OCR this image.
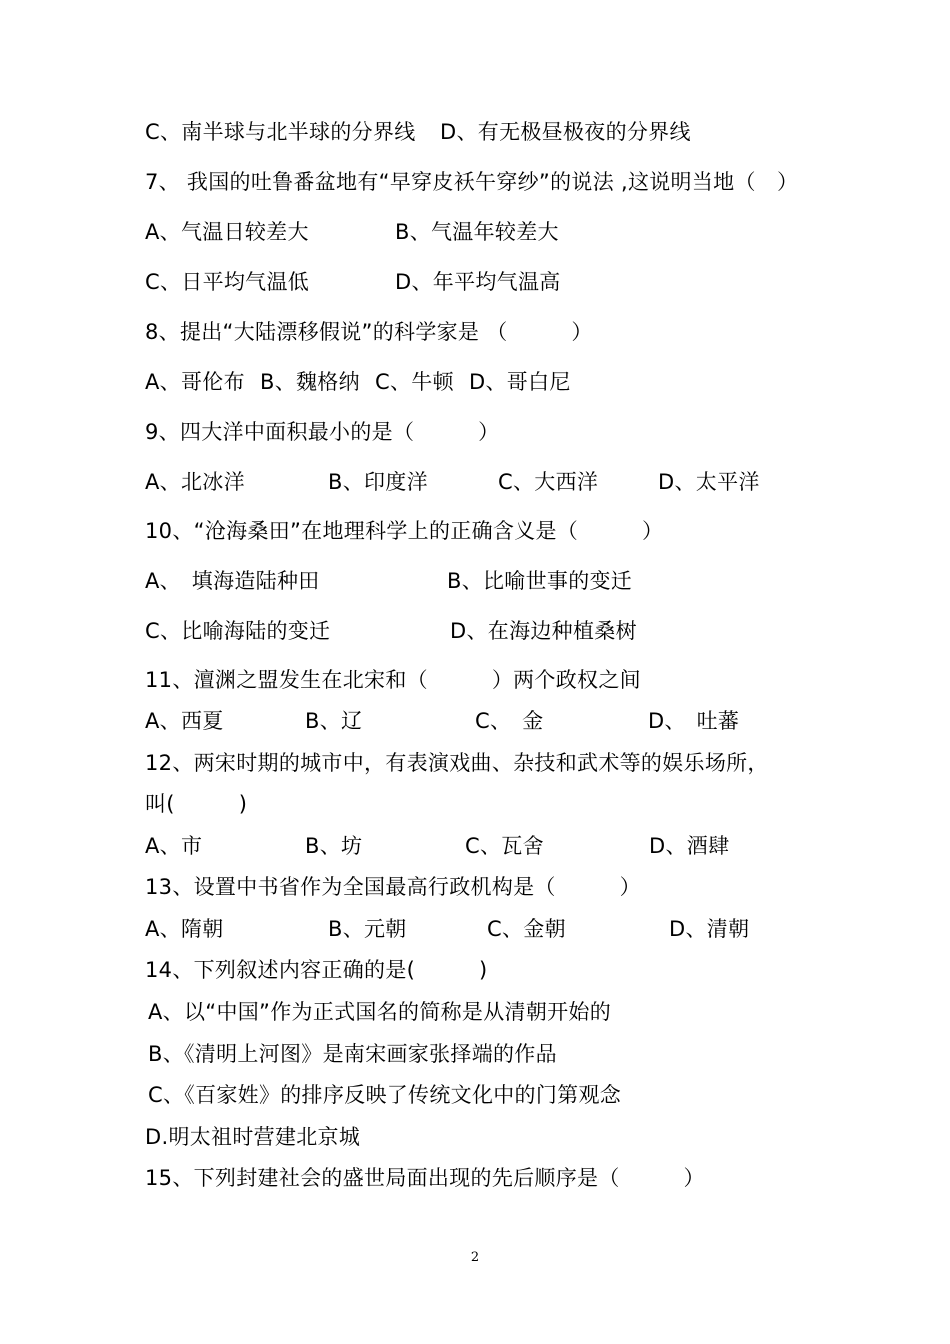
C、南半球与北半球的分界线 D、有无极昼极夜的分界线
7、 我国的吐鲁番盆地有“早穿皮袄午穿纱”的说法 ,这说明当地（　）
A、气温日较差大	B、气温年较差大
C、日平均气温低	D、年平均气温高
8、提出“大陆漂移假说”的科学家是 （　　　）
A、哥伦布 B、魏格纳 C、牛顿 D、哥白尼
9、四大洋中面积最小的是（　　　）
A、北冰洋	B、印度洋	C、大西洋	D、太平洋
10、“沧海桑田”在地理科学上的正确含义是（　　　）
A、　填海造陆种田	B、比喻世事的变迁
C、比喻海陆的变迁	D、在海边种植桑树
11、澶渊之盟发生在北宋和（　　　）两个政权之间
A、西夏	B、辽	C、　金	D、　吐蕃
12、两宋时期的城市中，有表演戏曲、杂技和武术等的娱乐场所，
叫(　　　)
A、市	B、坊	C、瓦舍	D、酒肆
13、设置中书省作为全国最高行政机构是（　　　）
A、隋朝	B、元朝	C、金朝	D、清朝
14、下列叙述内容正确的是(　　　)
A、以“中国”作为正式国名的简称是从清朝开始的
B、《清明上河图》是南宋画家张择端的作品
C、《百家姓》的排序反映了传统文化中的门第观念
D.明太祖时营建北京城
15、下列封建社会的盛世局面出现的先后顺序是（　　　）
2
